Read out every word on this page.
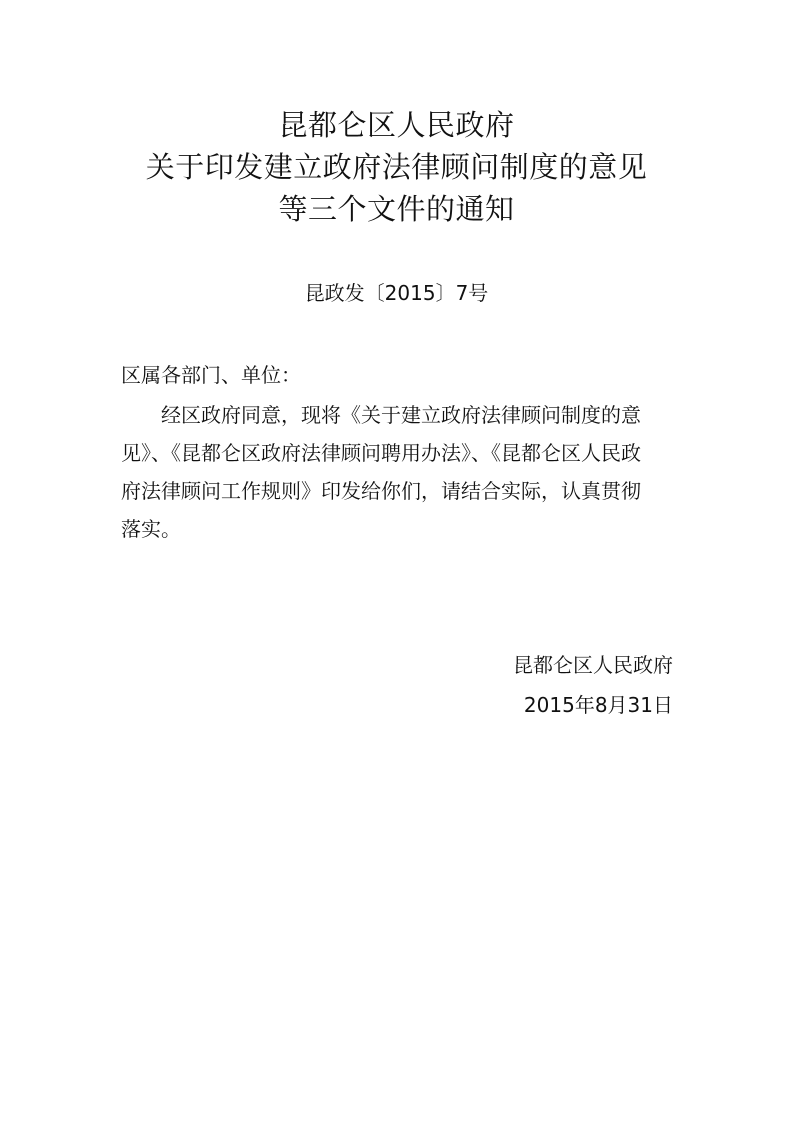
昆都仑区人民政府
关于印发建立政府法律顾问制度的意见
等三个文件的通知
昆政发〔2015〕7号
区属各部门、单位：
经区政府同意，现将《关于建立政府法律顾问制度的意
见》、《昆都仑区政府法律顾问聘用办法》、《昆都仑区人民政
府法律顾问工作规则》印发给你们，请结合实际，认真贯彻
落实。
昆都仑区人民政府
2015年8月31日
